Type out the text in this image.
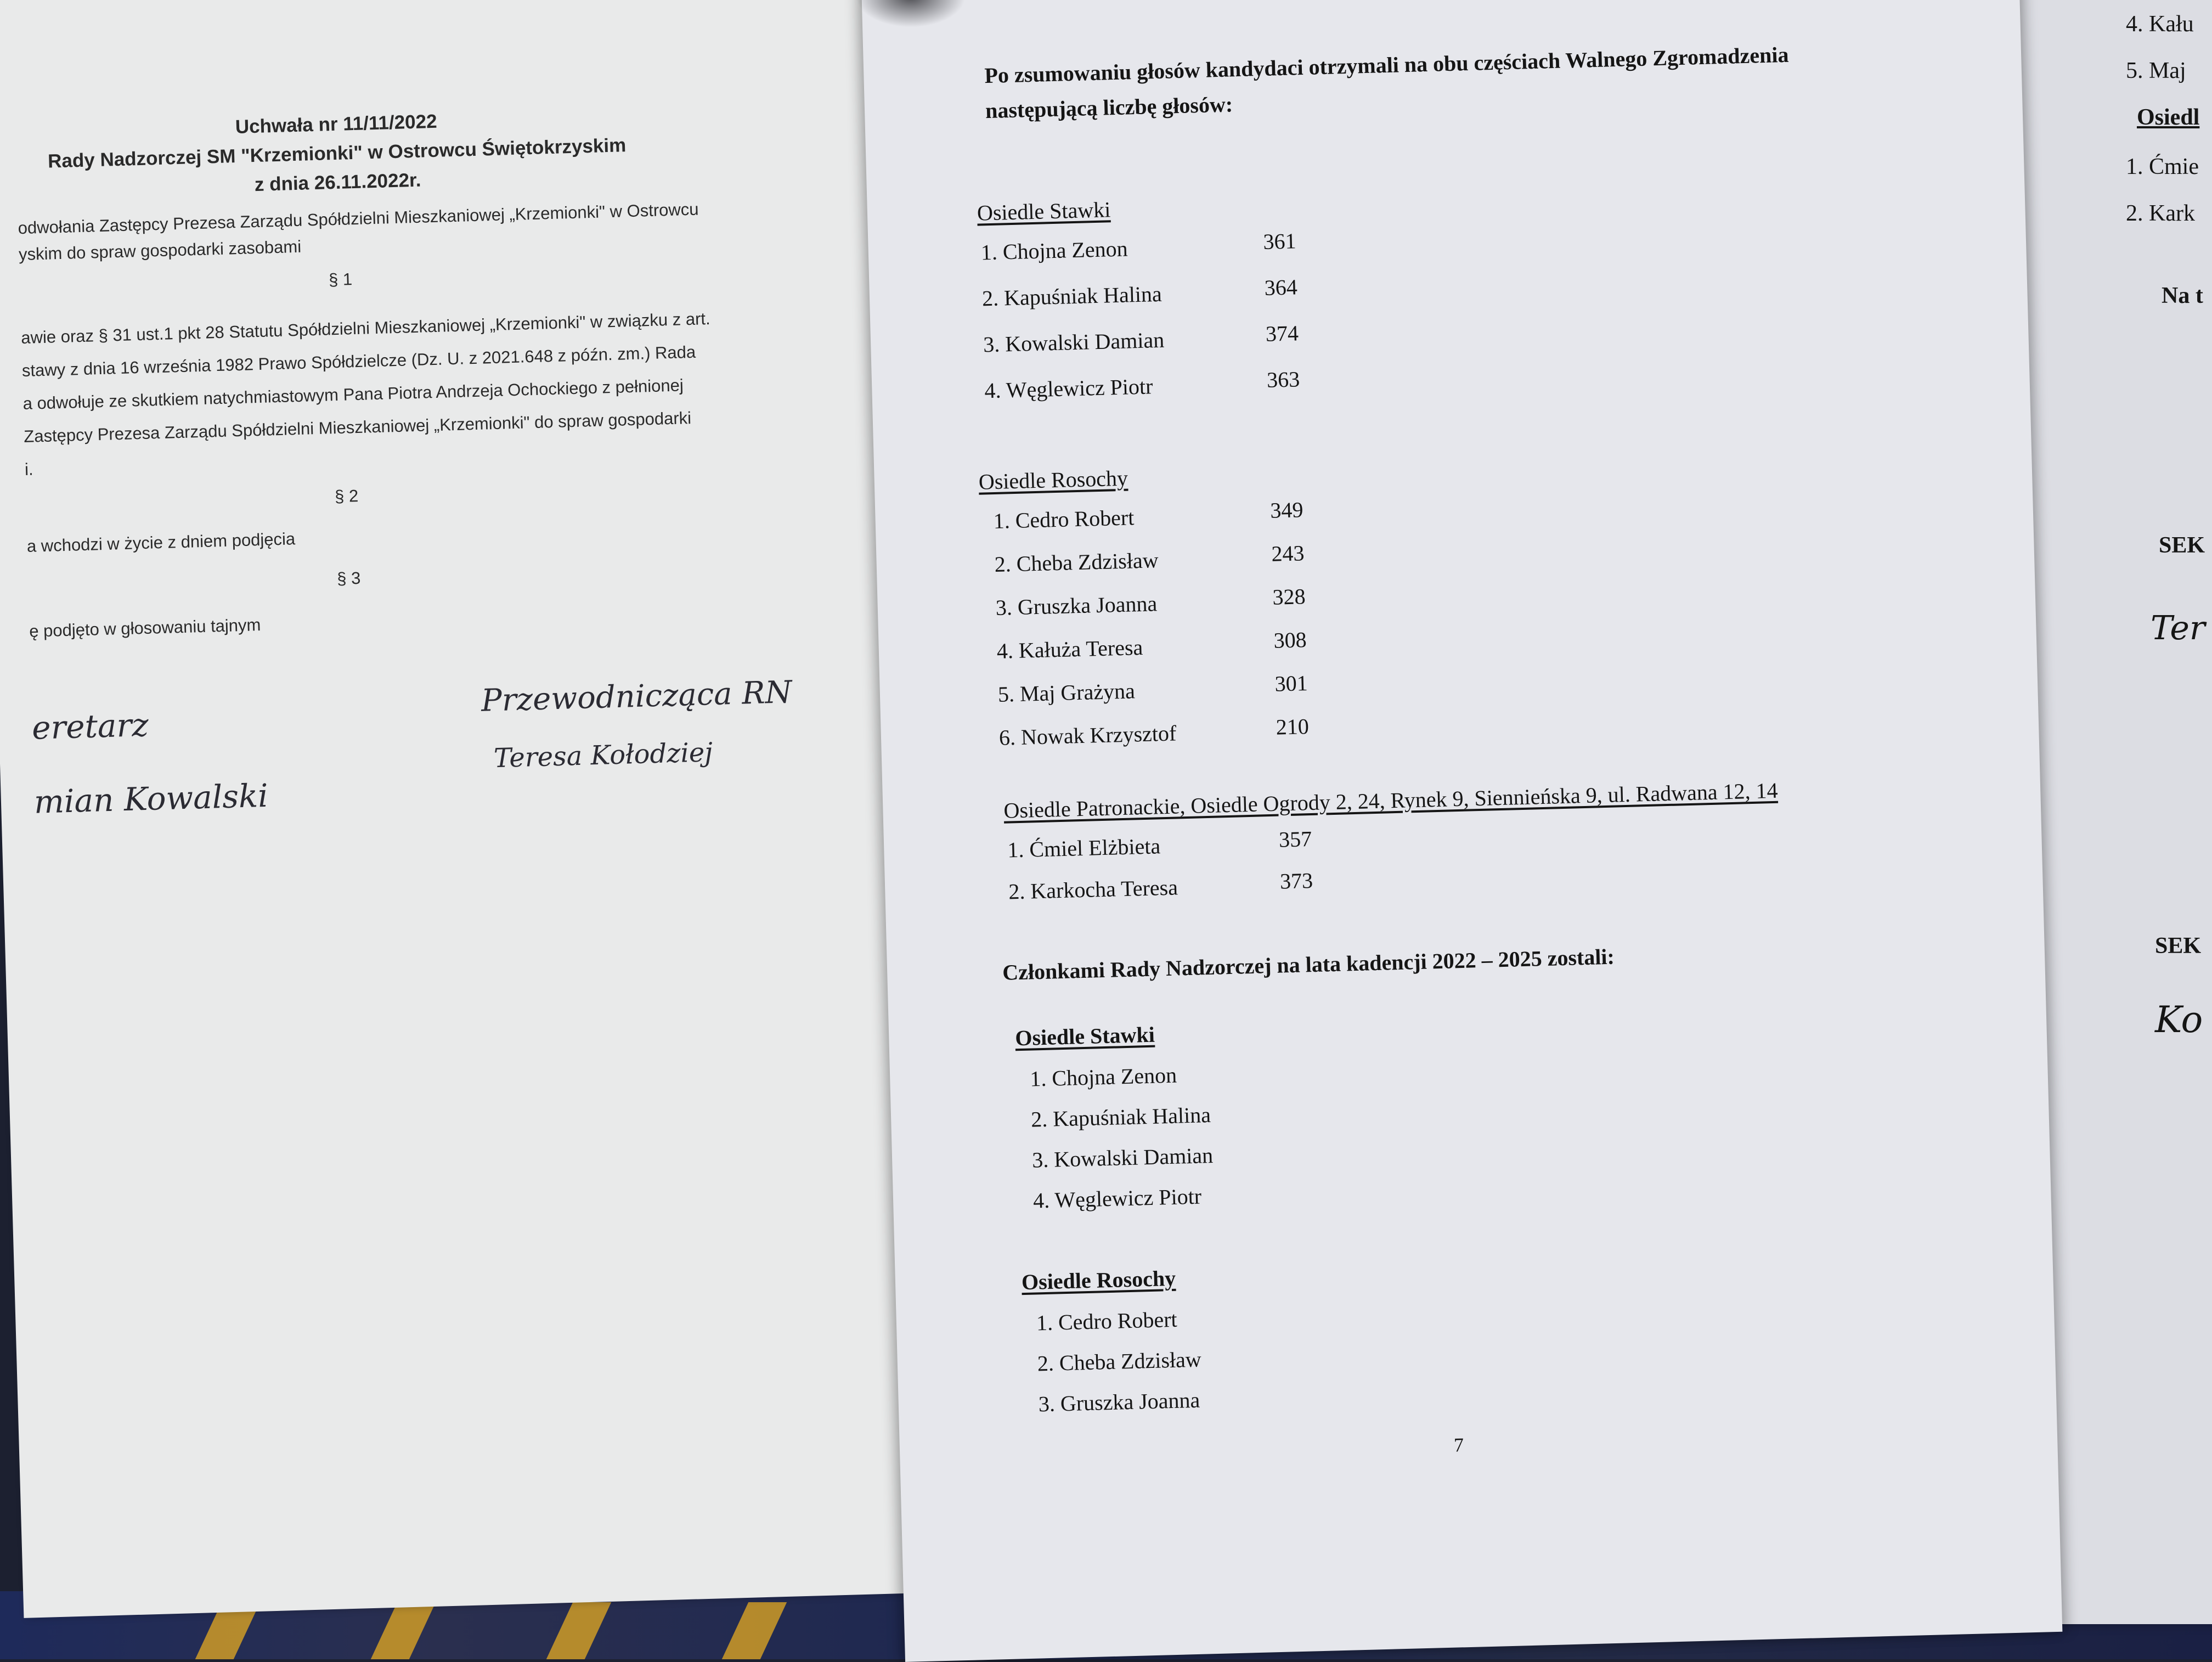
4. Kału
5. Maj
Osiedl
1. Ćmie
2. Kark
Na t
SEK
Ter
SEK
Ko
Uchwała nr 11/11/2022
Rady Nadzorczej SM "Krzemionki" w Ostrowcu Świętokrzyskim
z dnia 26.11.2022r.
odwołania Zastępcy Prezesa Zarządu Spółdzielni Mieszkaniowej „Krzemionki" w Ostrowcu
yskim do spraw gospodarki zasobami
§ 1
awie oraz § 31 ust.1 pkt 28 Statutu Spółdzielni Mieszkaniowej „Krzemionki" w związku z art.
stawy z dnia 16 września 1982 Prawo Spółdzielcze (Dz. U. z 2021.648 z późn. zm.) Rada
a odwołuje ze skutkiem natychmiastowym Pana Piotra Andrzeja Ochockiego z pełnionej
Zastępcy Prezesa Zarządu Spółdzielni Mieszkaniowej „Krzemionki" do spraw gospodarki
i.
§ 2
a wchodzi w życie z dniem podjęcia
§ 3
ę podjęto w głosowaniu tajnym
eretarz
mian Kowalski
Przewodnicząca RN
Teresa Kołodziej
Po zsumowaniu głosów kandydaci otrzymali na obu częściach Walnego Zgromadzenia
następującą liczbę głosów:
Osiedle Stawki
1. Chojna Zenon	361
2. Kapuśniak Halina	364
3. Kowalski Damian	374
4. Węglewicz Piotr	363
Osiedle Rosochy
1. Cedro Robert	349
2. Cheba Zdzisław	243
3. Gruszka Joanna	328
4. Kałuża Teresa	308
5. Maj Grażyna	301
6. Nowak Krzysztof	210
Osiedle Patronackie, Osiedle Ogrody 2, 24, Rynek 9, Sienniеńska 9, ul. Radwana 12, 14
1. Ćmiel Elżbieta	357
2. Karkocha Teresa	373
Członkami Rady Nadzorczej na lata kadencji 2022 – 2025 zostali:
Osiedle Stawki
1. Chojna Zenon
2. Kapuśniak Halina
3. Kowalski Damian
4. Węglewicz Piotr
Osiedle Rosochy
1. Cedro Robert
2. Cheba Zdzisław
3. Gruszka Joanna
7
